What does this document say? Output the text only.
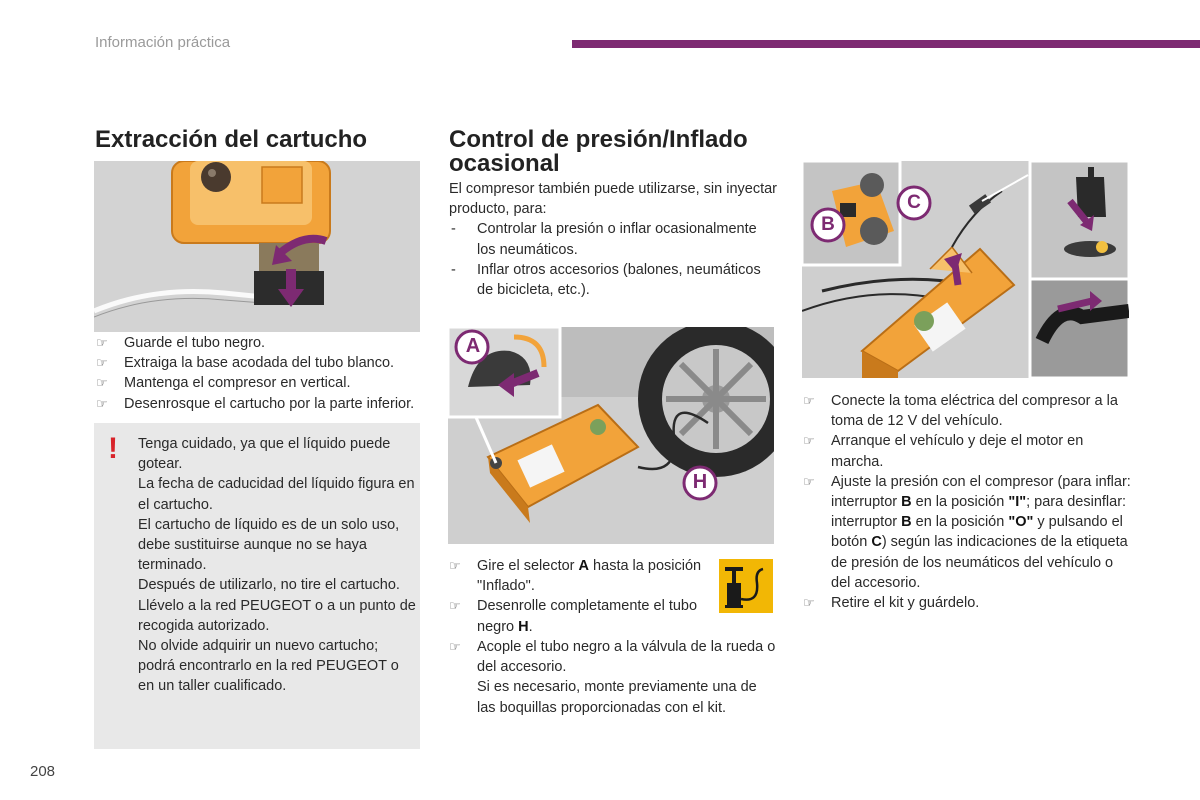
Información práctica
Extracción del cartucho
☞ Guarde el tubo negro.
☞ Extraiga la base acodada del tubo blanco.
☞ Mantenga el compresor en vertical.
☞ Desenrosque el cartucho por la parte inferior.
! Tenga cuidado, ya que el líquido puede gotear.
La fecha de caducidad del líquido figura en el cartucho.
El cartucho de líquido es de un solo uso, debe sustituirse aunque no se haya terminado.
Después de utilizarlo, no tire el cartucho. Llévelo a la red PEUGEOT o a un punto de recogida autorizado.
No olvide adquirir un nuevo cartucho; podrá encontrarlo en la red PEUGEOT o en un taller cualificado.
Control de presión/Inflado ocasional
El compresor también puede utilizarse, sin inyectar producto, para:
- Controlar la presión o inflar ocasionalmente los neumáticos.
- Inflar otros accesorios (balones, neumáticos de bicicleta, etc.).
A
H
☞ Gire el selector A hasta la posición "Inflado".
☞ Desenrolle completamente el tubo negro H.
☞ Acople el tubo negro a la válvula de la rueda o del accesorio.
Si es necesario, monte previamente una de las boquillas proporcionadas con el kit.
B
C
☞ Conecte la toma eléctrica del compresor a la toma de 12 V del vehículo.
☞ Arranque el vehículo y deje el motor en marcha.
☞ Ajuste la presión con el compresor (para inflar: interruptor B en la posición "I"; para desinflar: interruptor B en la posición "O" y pulsando el botón C) según las indicaciones de la etiqueta de presión de los neumáticos del vehículo o del accesorio.
☞ Retire el kit y guárdelo.
208
